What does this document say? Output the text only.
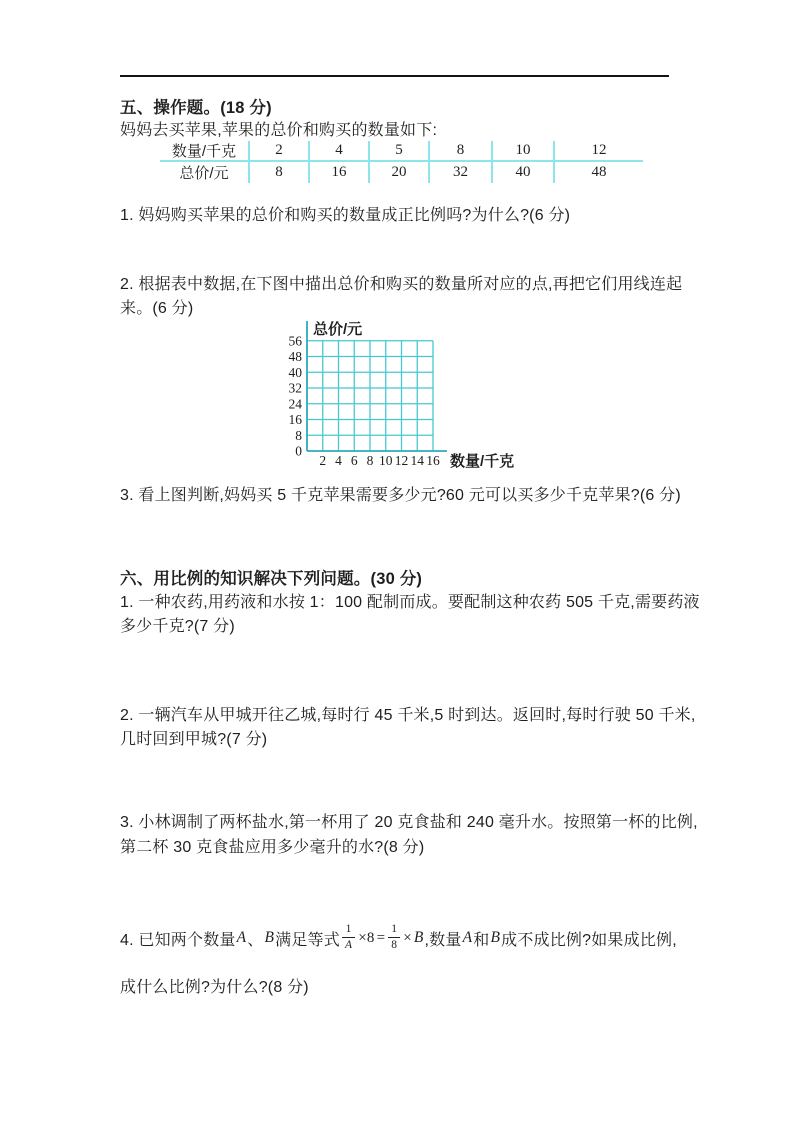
五、操作题。(18 分)
妈妈去买苹果,苹果的总价和购买的数量如下:
数量/千克	2	4	5	8	10	12
总价/元	8	16	20	32	40	48
1. 妈妈购买苹果的总价和购买的数量成正比例吗?为什么?(6 分)
2. 根据表中数据,在下图中描出总价和购买的数量所对应的点,再把它们用线连起
来。(6 分)
0
8
16
24
32
40
48
56
2 4 6 8 10 12 14 16
总价/元
数量/千克
3. 看上图判断,妈妈买 5 千克苹果需要多少元?60 元可以买多少千克苹果?(6 分)
六、用比例的知识解决下列问题。(30 分)
1. 一种农药,用药液和水按 1：100 配制而成。要配制这种农药 505 千克,需要药液
多少千克?(7 分)
2. 一辆汽车从甲城开往乙城,每时行 45 千米,5 时到达。返回时,每时行驶 50 千米,
几时回到甲城?(7 分)
3. 小林调制了两杯盐水,第一杯用了 20 克食盐和 240 毫升水。按照第一杯的比例,
第二杯 30 克食盐应用多少毫升的水?(8 分)
4. 已知两个数量 A 、 B 满足等式 $\frac{1}{A} \times 8 = \frac{1}{8} \times B$ ,数量 A 和 B 成不成比例?如果成比例,
成什么比例?为什么?(8 分)
